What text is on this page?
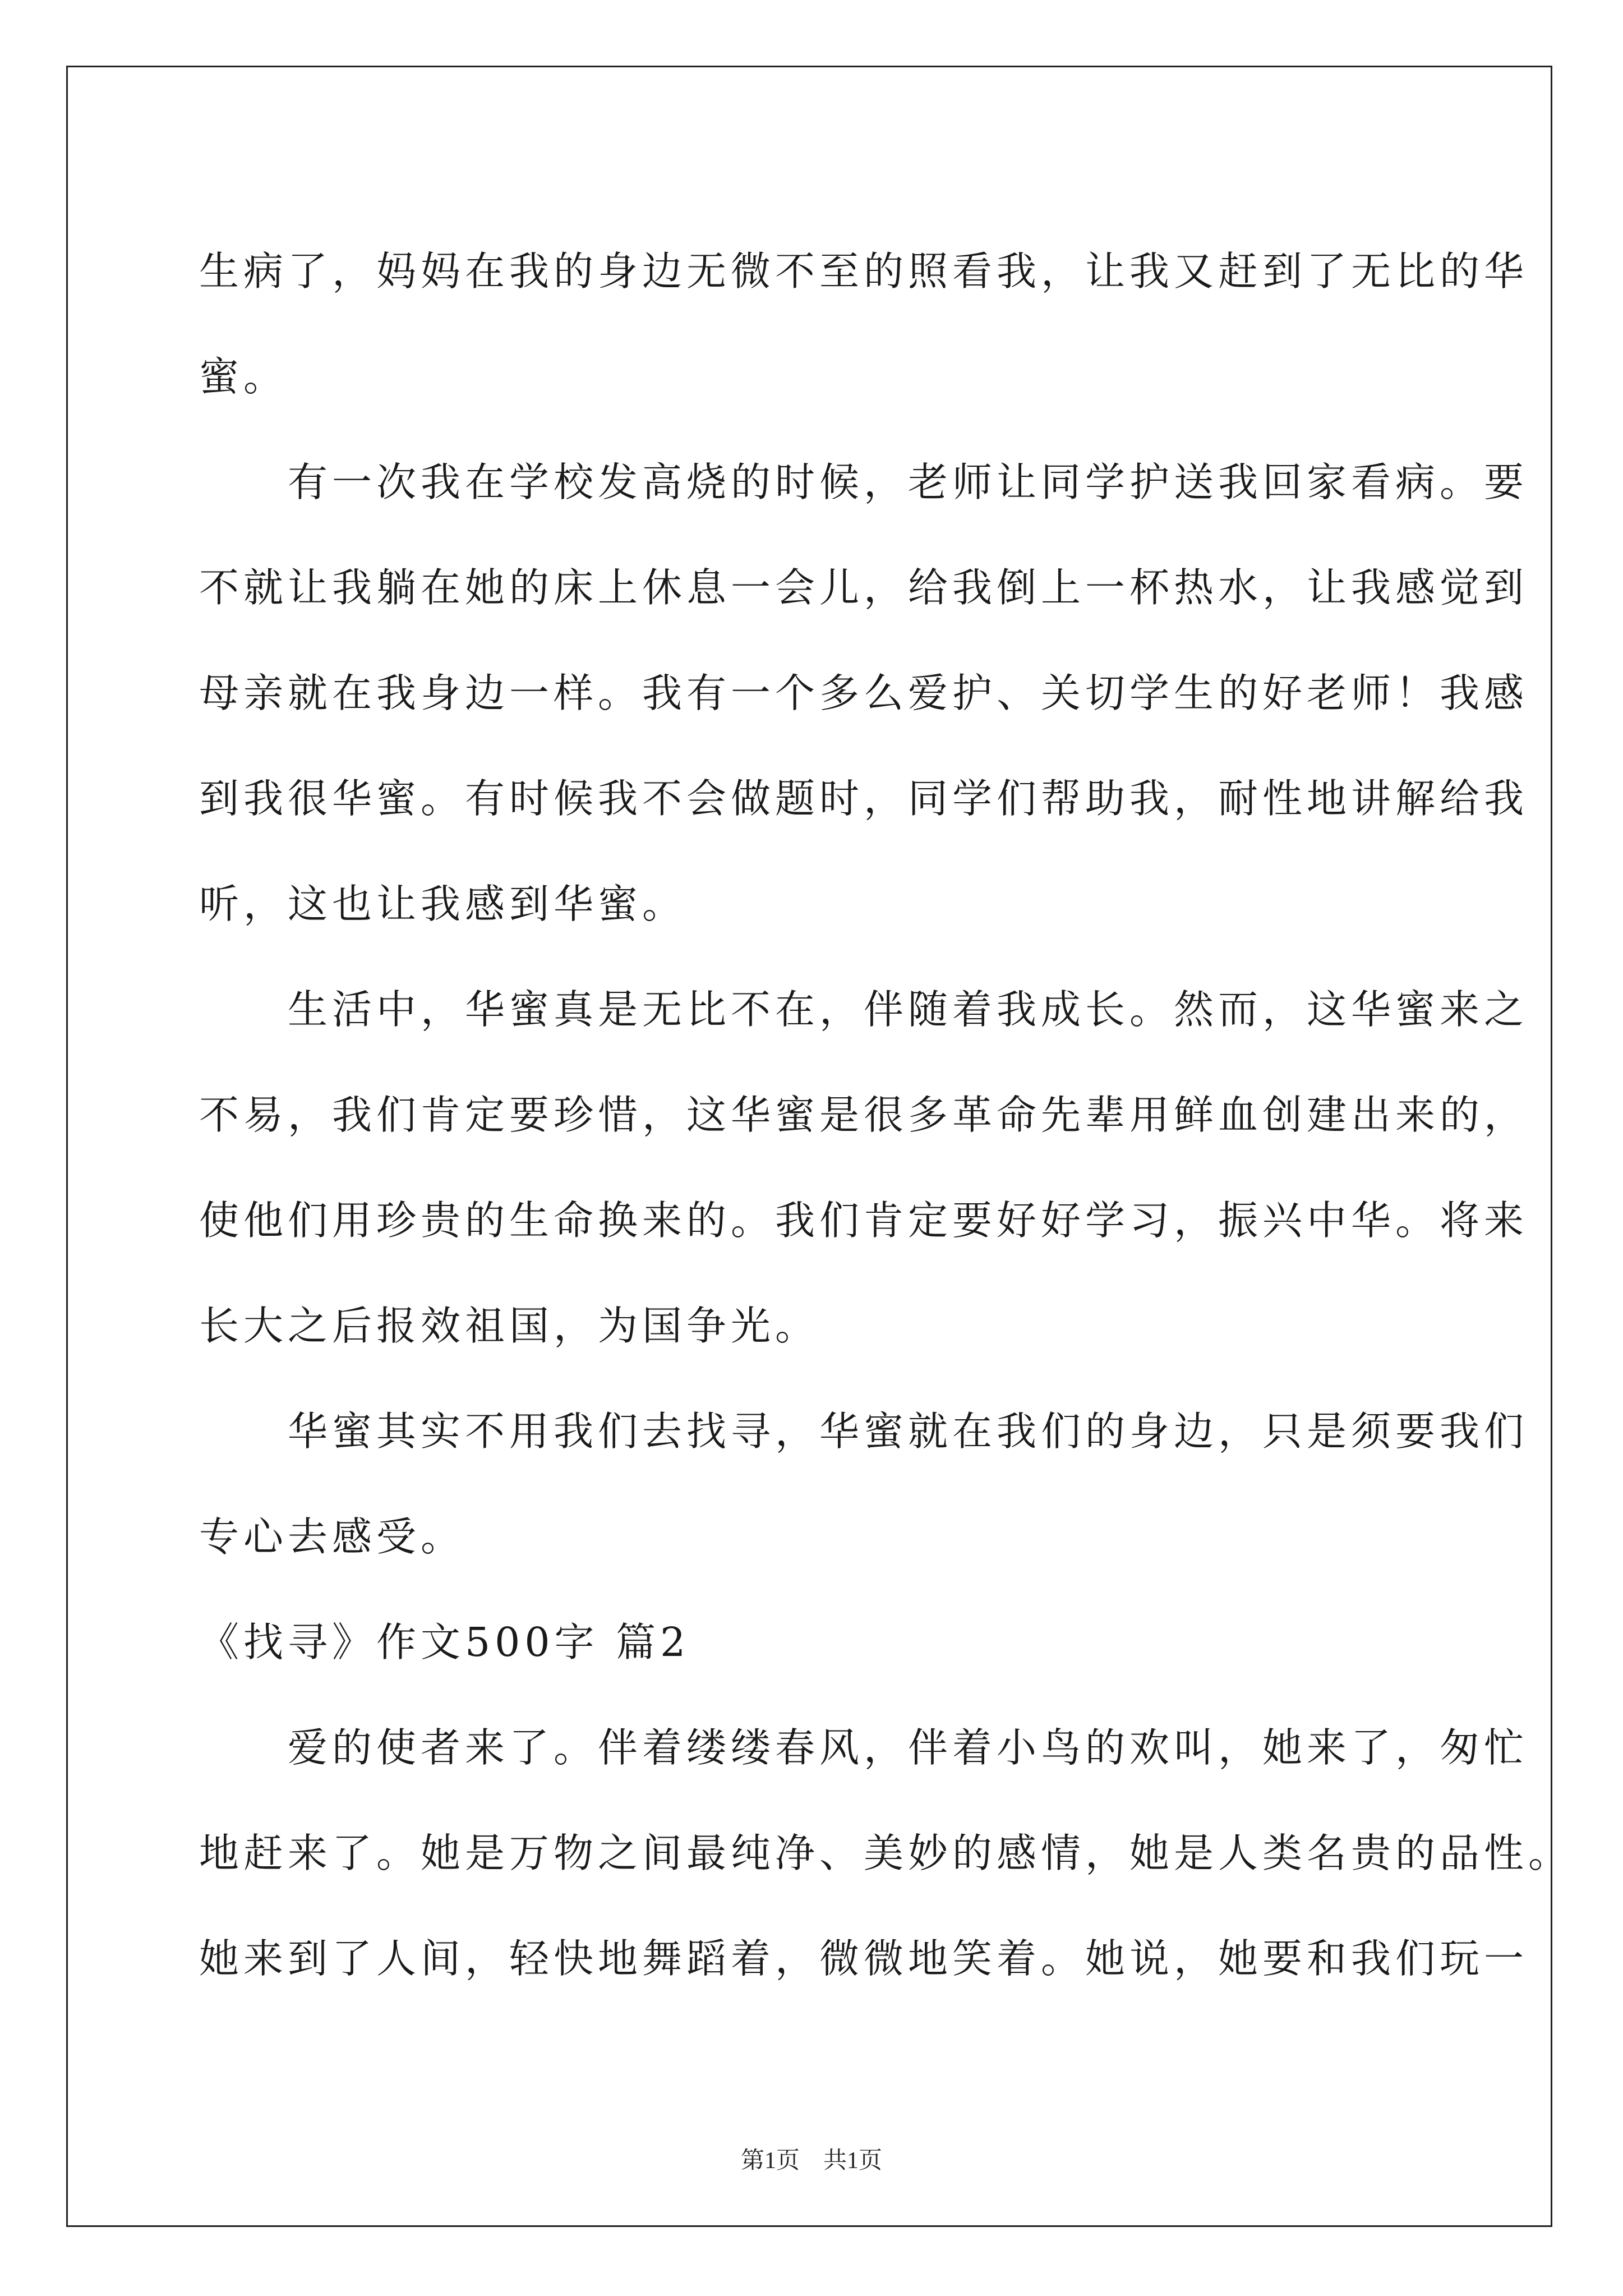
生病了，妈妈在我的身边无微不至的照看我，让我又赶到了无比的华
蜜。
　　有一次我在学校发高烧的时候，老师让同学护送我回家看病。要
不就让我躺在她的床上休息一会儿，给我倒上一杯热水，让我感觉到
母亲就在我身边一样。我有一个多么爱护、关切学生的好老师！我感
到我很华蜜。有时候我不会做题时，同学们帮助我，耐性地讲解给我
听，这也让我感到华蜜。
　　生活中，华蜜真是无比不在，伴随着我成长。然而，这华蜜来之
不易，我们肯定要珍惜，这华蜜是很多革命先辈用鲜血创建出来的，
使他们用珍贵的生命换来的。我们肯定要好好学习，振兴中华。将来
长大之后报效祖国，为国争光。
　　华蜜其实不用我们去找寻，华蜜就在我们的身边，只是须要我们
专心去感受。
《找寻》作文500字 篇2
　　爱的使者来了。伴着缕缕春风，伴着小鸟的欢叫，她来了，匆忙
地赶来了。她是万物之间最纯净、美妙的感情，她是人类名贵的品性。
她来到了人间，轻快地舞蹈着，微微地笑着。她说，她要和我们玩一
第1页　共1页
